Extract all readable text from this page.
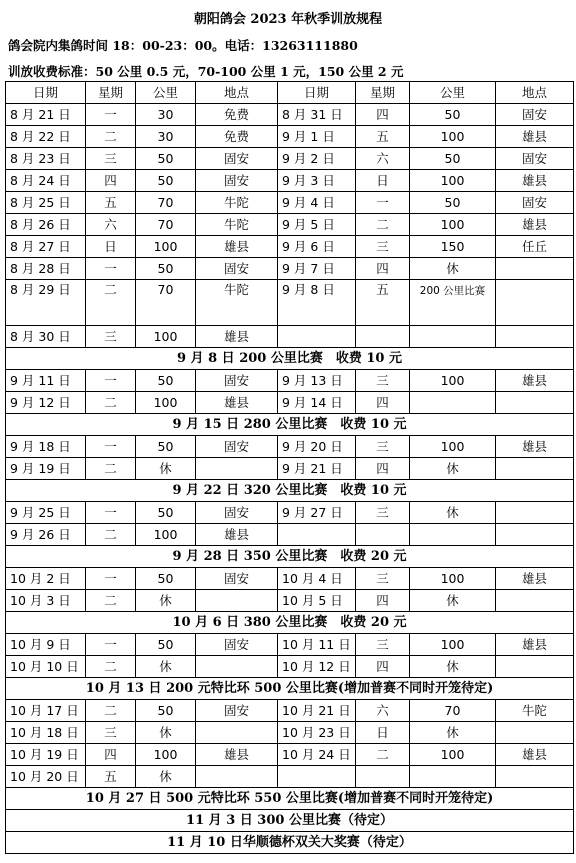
朝阳鸽会 2023 年秋季训放规程
鸽会院内集鸽时间 18：00-23：00。电话：13263111880
训放收费标准：50 公里 0.5 元，70-100 公里 1 元，150 公里 2 元
日期	星期	公里	地点	日期	星期	公里	地点
8 月 21 日	一	30	免费	8 月 31 日	四	50	固安
8 月 22 日	二	30	免费	9 月 1 日	五	100	雄县
8 月 23 日	三	50	固安	9 月 2 日	六	50	固安
8 月 24 日	四	50	固安	9 月 3 日	日	100	雄县
8 月 25 日	五	70	牛陀	9 月 4 日	一	50	固安
8 月 26 日	六	70	牛陀	9 月 5 日	二	100	雄县
8 月 27 日	日	100	雄县	9 月 6 日	三	150	任丘
8 月 28 日	一	50	固安	9 月 7 日	四	休	
8 月 29 日	二	70	牛陀	9 月 8 日	五	200 公里比赛	
8 月 30 日	三	100	雄县				
9 月 8 日 200 公里比赛　收费 10 元							
9 月 11 日	一	50	固安	9 月 13 日	三	100	雄县
9 月 12 日	二	100	雄县	9 月 14 日	四		
9 月 15 日 280 公里比赛　收费 10 元							
9 月 18 日	一	50	固安	9 月 20 日	三	100	雄县
9 月 19 日	二	休		9 月 21 日	四	休	
9 月 22 日 320 公里比赛　收费 10 元							
9 月 25 日	一	50	固安	9 月 27 日	三	休	
9 月 26 日	二	100	雄县				
9 月 28 日 350 公里比赛　收费 20 元							
10 月 2 日	一	50	固安	10 月 4 日	三	100	雄县
10 月 3 日	二	休		10 月 5 日	四	休	
10 月 6 日 380 公里比赛　收费 20 元							
10 月 9 日	一	50	固安	10 月 11 日	三	100	雄县
10 月 10 日	二	休		10 月 12 日	四	休	
10 月 13 日 200 元特比环 500 公里比赛(增加普赛不同时开笼待定)							
10 月 17 日	二	50	固安	10 月 21 日	六	70	牛陀
10 月 18 日	三	休		10 月 23 日	日	休	
10 月 19 日	四	100	雄县	10 月 24 日	二	100	雄县
10 月 20 日	五	休					
10 月 27 日 500 元特比环 550 公里比赛(增加普赛不同时开笼待定)							
11 月 3 日 300 公里比赛（待定）							
11 月 10 日华顺德杯双关大奖赛（待定）							
